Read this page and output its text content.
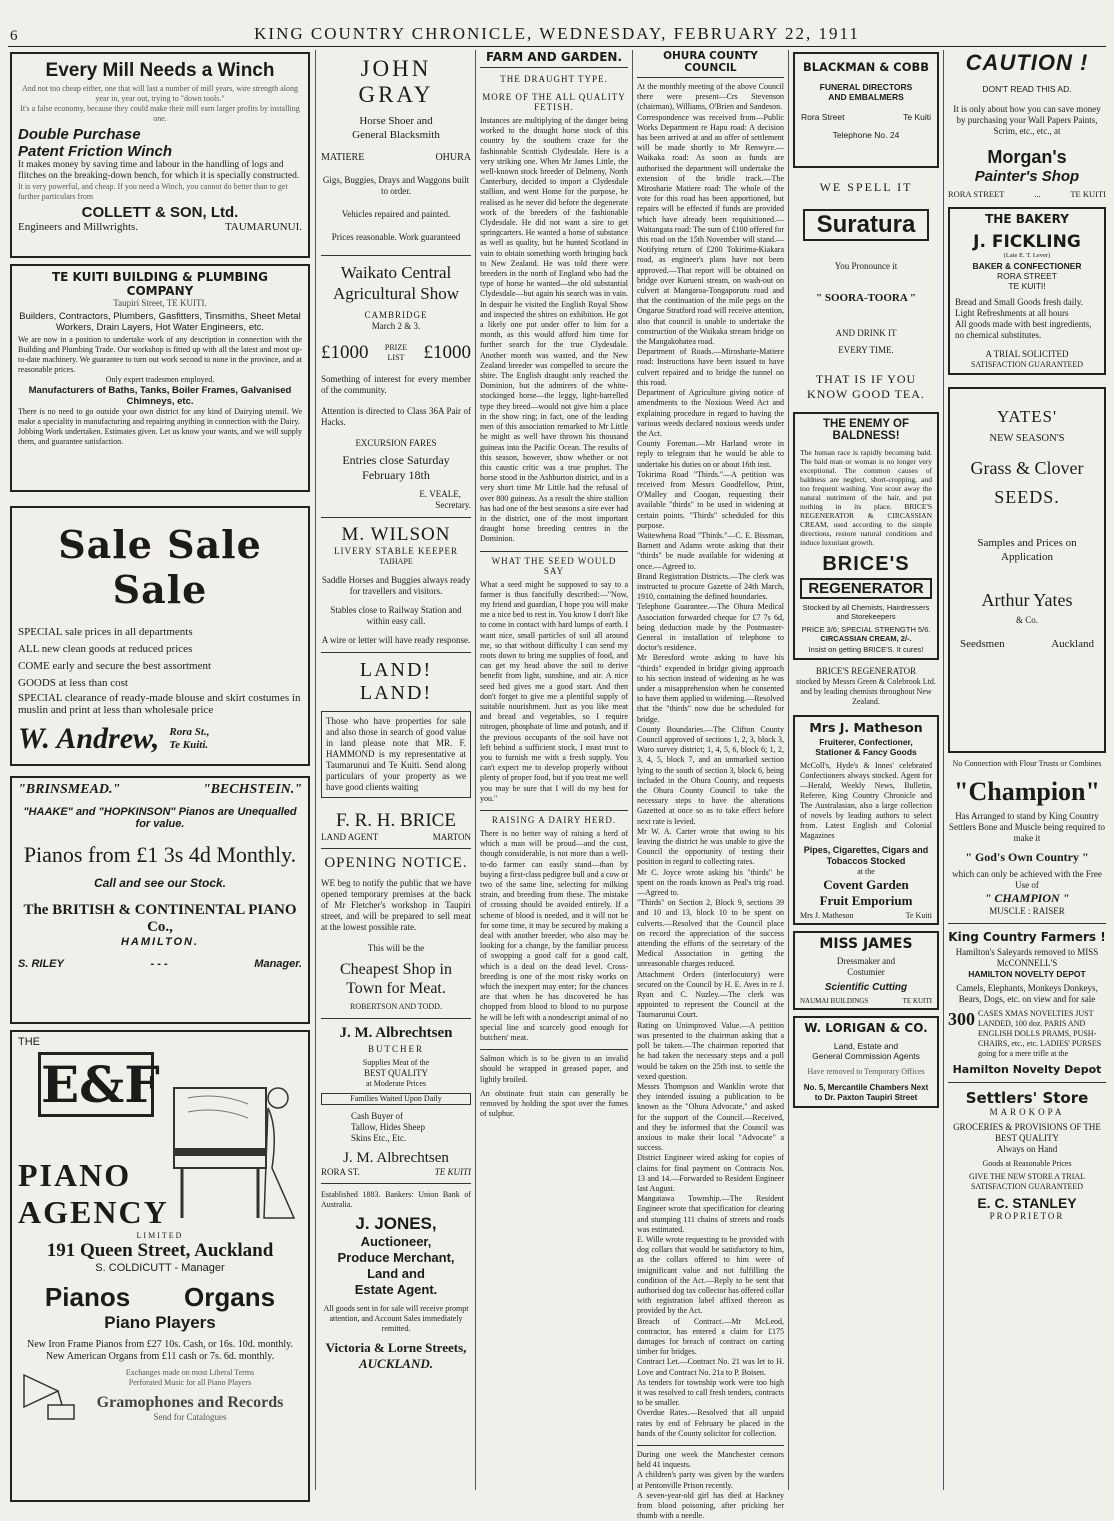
6	KING COUNTRY CHRONICLE, WEDNESDAY, FEBRUARY 22, 1911
Every Mill Needs a Winch
And not too cheap either, one that will last a number of mill years, wire strength along year in, year out, trying to "down tools."
It's a false economy, because they could make their mill earn larger profits by installing one.
Double Purchase
Patent Friction Winch
It makes money by saving time and labour in the handling of logs and flitches on the breaking-down bench, for which it is specially constructed.
It is very powerful, and cheap. If you need a Winch, you cannot do better than to get further particulars from
COLLETT & SON, Ltd.
Engineers and Millwrights.	TAUMARUNUI.
TE KUITI BUILDING & PLUMBING COMPANY
Taupiri Street, TE KUITI.
Builders, Contractors, Plumbers, Gasfitters, Tinsmiths, Sheet Metal Workers, Drain Layers, Hot Water Engineers, etc.
We are now in a position to undertake work of any description in connection with the Building and Plumbing Trade. Our workshop is fitted up with all the latest and most up-to-date machinery. We guarantee to turn out work second to none in the province, and at reasonable prices.
Only expert tradesmen employed.
Manufacturers of Baths, Tanks, Boiler Frames, Galvanised Chimneys, etc.
There is no need to go outside your own district for any kind of Dairying utensil. We make a speciality in manufacturing and repairing anything in connection with the Dairy.
Jobbing Work undertaken. Estimates given. Let us know your wants, and we will supply them, and guarantee satisfaction.
Sale Sale Sale
SPECIAL sale prices in all departments
ALL new clean goods at reduced prices
COME early and secure the best assortment
GOODS at less than cost
SPECIAL clearance of ready-made blouse and skirt costumes in muslin and print at less than wholesale price
W. Andrew, Rora St.,
Te Kuiti.
"BRINSMEAD."	"BECHSTEIN."
"HAAKE" and "HOPKINSON" Pianos are Unequalled for value.
Pianos from £1 3s 4d Monthly.
Call and see our Stock.
The BRITISH & CONTINENTAL PIANO Co.,
HAMILTON.
S. RILEY	- - -	Manager.
THE
E&F
PIANO
AGENCY
LIMITED
191 Queen Street, Auckland
S. COLDICUTT - Manager
Pianos Organs
Piano Players
New Iron Frame Pianos from £27 10s. Cash, or 16s. 10d. monthly. New American Organs from £11 cash or 7s. 6d. monthly.
Exchanges made on most Liberal Terms
Perforated Music for all Piano Players
Gramophones and Records
Send for Catalogues
JOHN GRAY
Horse Shoer and General Blacksmith
MATIERE	OHURA
Gigs, Buggies, Drays and Waggons built to order.
Vehicles repaired and painted.
Prices reasonable. Work guaranteed
Waikato Central Agricultural Show
CAMBRIDGE
March 2 & 3.
£1000	PRIZE LIST	£1000
Something of interest for every member of the community.
Attention is directed to Class 36A Pair of Hacks.
EXCURSION FARES
Entries close Saturday February 18th
E. VEALE,
Secretary.
M. WILSON
LIVERY STABLE KEEPER
TAIHAPE
Saddle Horses and Buggies always ready for travellers and visitors.
Stables close to Railway Station and within easy call.
A wire or letter will have ready response.
LAND! LAND!
Those who have properties for sale and also those in search of good value in land please note that MR. F. HAMMOND is my representative at Taumarunui and Te Kuiti. Send along particulars of your property as we have good clients waiting
F. R. H. BRICE
LAND AGENT	MARTON
OPENING NOTICE.
WE beg to notify the public that we have opened temporary premises at the back of Mr Fletcher's workshop in Taupiri street, and will be prepared to sell meat at the lowest possible rate.
This will be the
Cheapest Shop in Town for Meat.
ROBERTSON AND TODD.
J. M. Albrechtsen
BUTCHER
Supplies Meat of the
BEST QUALITY
at Moderate Prices
Families Waited Upon Daily
Cash Buyer of Tallow, Hides Sheep Skins Etc., Etc.
J. M. Albrechtsen
RORA ST.	TE KUITI
Established 1883. Bankers: Union Bank of Australia.
J. JONES,
Auctioneer,
Produce Merchant,
Land and
Estate Agent.
All goods sent in for sale will receive prompt attention, and Account Sales immediately remitted.
Victoria & Lorne Streets,
AUCKLAND.
FARM AND GARDEN.
THE DRAUGHT TYPE.
MORE OF THE ALL QUALITY FETISH.
Instances are multiplying of the danger being worked to the draught horse stock of this country by the southern craze for the fashionable Scottish Clydesdale. Here is a very striking one. When Mr James Little, the well-known stock breeder of Delmeny, North Canterbury, decided to import a Clydesdale stallion, and went Home for the purpose, he realised as he never did before the degenerate work of the breeders of the fashionable Clydesdale. He did not want a sire to get springcarters. He wanted a horse of substance as well as quality, but he hunted Scotland in vain to obtain something worth bringing back to New Zealand. He was told there were breeders in the north of England who had the type of horse he wanted—the old substantial Clydesdale—but again his search was in vain. In despair he visited the English Royal Show and inspected the shires on exhibition. He got a likely one put under offer to him for a month, as this would afford him time for further search for the true Clydesdale. Another month was wasted, and the New Zealand breeder was compelled to secure the shire. The English draught only reached the Dominion, but the admirers of the white-stockinged horse—the leggy, light-barrelled type they breed—would not give him a place in the show ring; in fact, one of the leading men of this association remarked to Mr Little he might as well have thrown his thousand guineas into the Pacific Ocean. The results of this season, however, show whether or not this caustic critic was a true prophet. The horse stood in the Ashburton district, and in a very short time Mr Little had the refusal of over 800 guineas. As a result the shire stallion has had one of the best seasons a sire ever had in the district, one of the most important draught horse breeding centres in the Dominion.
WHAT THE SEED WOULD SAY
What a seed might be supposed to say to a farmer is thus fancifully described:—"Now, my friend and guardian, I hope you will make me a nice bed to rest in. You know I don't like to come in contact with hard lumps of earth. I want nice, small particles of soil all around me, so that without difficulty I can send my roots down to bring me supplies of food, and can get my head above the soil to derive benefit from light, sunshine, and air. A nice seed bed gives me a good start. And then don't forget to give me a plentiful supply of suitable nourishment. Just as you like meat and bread and vegetables, so I require nitrogen, phosphate of lime and potash, and if the previous occupants of the soil have not left behind a sufficient stock, I must trust to you to furnish me with a fresh supply. You can't expect me to develop properly without plenty of proper food, but if you treat me well you may be sure that I will do my best for you."
RAISING A DAIRY HERD.
There is no better way of raising a herd of which a man will be proud—and the cost, though considerable, is not more than a well-to-do farmer can easily stand—than by buying a first-class pedigree bull and a cow or two of the same line, selecting for milking strain, and breeding from these. The mistake of crossing should be avoided entirely. If a scheme of blood is needed, and it will not be for some time, it may be secured by making a deal with another breeder, who also may be looking for a change, by the familiar process of swopping a good calf for a good calf, which is a deal on the dead level. Cross-breeding is one of the most risky works on which the inexpert may enter; for the chances are that when he has discovered he has chopped from blood to blood to no purpose he will be left with a nondescript animal of no special line and scarcely good enough for butchers' meat.
Salmon which is to be given to an invalid should be wrapped in greased paper, and lightly broiled.
An obstinate fruit stain can generally be removed by holding the spot over the fumes of sulphur.
OHURA COUNTY COUNCIL
At the monthly meeting of the above Council there were present—Crs Stevenson (chairman), Williams, O'Brien and Sandeson.
Correspondence was received from—Public Works Department re Hapu road: A decision has been arrived at and an offer of settlement will be made shortly to Mr Renwyre.—Waikaka road: As soon as funds are authorised the department will undertake the extension of the bridle track.—The Mirosharie Matiere road: The whole of the vote for this road has been apportioned, but repairs will be effected if funds are provided which have already been requisitioned.—Waitangata road: The sum of £100 offered for this road on the 15th November will stand.—Notifying return of £200 Tokirima-Kiakara road, as engineer's plans have not been approved.—That report will be obtained on bridge over Kurueni stream, on wash-out on culvert at Mangaroa-Tongaporutu road and that the continuation of the mile pegs on the Ongarue Stratford road will receive attention, also that council is unable to undertake the construction of the Waikaka stream bridge on the Mangakohatea road.
Department of Roads.—Mirosharie-Matiere road: Instructions have been issued to have culvert repaired and to bridge the tunnel on this road.
Department of Agriculture giving notice of amendments to the Noxious Weed Act and explaining procedure in regard to having the various weeds declared noxious weeds under the Act.
County Foreman.—Mr Harland wrote in reply to telegram that he would be able to undertake his duties on or about 16th inst.
Tokirima Road "Thirds."—A petition was received from Messrs Goodfellow, Print, O'Malley and Coogan, requesting their available "thirds" to be used in widening at certain points. "Thirds" scheduled for this purpose.
Waitewhena Road "Thirds."—C. E. Bissman, Barnett and Adams wrote asking that their "thirds" be made available for widening at once.—Agreed to.
Brand Registration Districts.—The clerk was instructed to procure Gazette of 24th March, 1910, containing the defined boundaries.
Telephone Guarantee.—The Ohura Medical Association forwarded cheque for £7 7s 6d, being deduction made by the Postmaster-General in installation of telephone to doctor's residence.
Mr Beresford wrote asking to have his "thirds" expended in bridge giving approach to his section instead of widening as he was under a misapprehension when he consented to have them applied to widening.—Resolved that the "thirds" now due be scheduled for bridge.
County Boundaries.—The Clifton County Council approved of sections 1, 2, 3, block 3, Waro survey district; 1, 4, 5, 6, block 6; 1, 2, 3, 4, 5, block 7, and an unmarked section lying to the south of section 3, block 6, being included in the Ohura County, and requests the Ohura County Council to take the necessary steps to have the alterations Gazetted at once so as to take effect before next rate is levied.
Mr W. A. Carter wrote that owing to his leaving the district he was unable to give the Council the opportunity of testing their position in regard to collecting rates.
Mr C. Joyce wrote asking his "thirds" be spent on the roads known as Peal's trig road.—Agreed to.
"Thirds" on Section 2, Block 9, sections 39 and 10 and 13, block 10 to be spent on culverts.—Resolved that the Council place on record the appreciation of the success attending the efforts of the secretary of the Medical Association in getting the unreasonable charges reduced.
Attachment Orders (interlocutory) were secured on the Council by H. E. Aves in re J. Ryan and C. Nuzley.—The clerk was appointed to represent the Council at the Taumarunui Court.
Rating on Unimproved Value.—A petition was presented to the chairman asking that a poll be taken.—The chairman reported that he had taken the necessary steps and a poll would be taken on the 25th inst. to settle the vexed question.
Messrs Thompson and Wanklin wrote that they intended issuing a publication to be known as the "Ohura Advocate," and asked for the support of the Council.—Received, and they be informed that the Council was anxious to make their local "Advocate" a success.
District Engineer wired asking for copies of claims for final payment on Contracts Nos. 13 and 14.—Forwarded to Resident Engineer last August.
Mangatawa Township.—The Resident Engineer wrote that specification for clearing and stumping 111 chains of streets and roads was estimated.
E. Wille wrote requesting to be provided with dog collars that would be satisfactory to him, as the collars offered to him were of insignificant value and not fulfilling the condition of the Act.—Reply to be sent that authorised dog tax collector has offered collar with registration label affixed thereon as provided by the Act.
Breach of Contract.—Mr McLeod, contractor, has entered a claim for £175 damages for breach of contract on carting timber for bridges.
Contract Let.—Contract No. 21 was let to H. Love and Contract No. 21a to P. Boisen.
As tenders for township work were too high it was resolved to call fresh tenders, contracts to be smaller.
Overdue Rates.—Resolved that all unpaid rates by end of February be placed in the hands of the County solicitor for collection.
During one week the Manchester censors held 41 inquests.
A children's party was given by the warders at Pentonville Prison recently.
A seven-year-old girl has died at Hackney from blood poisoning, after pricking her thumb with a needle.
BLACKMAN & COBB
FUNERAL DIRECTORS
AND EMBALMERS
Rora Street	Te Kuiti
Telephone No. 24
WE SPELL IT
Suratura
You Pronounce it
" SOORA-TOORA "
AND DRINK IT
EVERY TIME.
THAT IS IF YOU
KNOW GOOD TEA.
THE ENEMY OF
BALDNESS!
The human race is rapidly becoming bald. The bald man or woman is no longer very exceptional. The common causes of baldness are neglect, short-cropping, and too frequent washing. You scour away the natural nutriment of the hair, and put nothing in its place. BRICE'S REGENERATOR & CIRCASSIAN CREAM, used according to the simple directions, restore natural conditions and induce luxuriant growth.
BRICE'S
REGENERATOR
Stocked by all Chemists, Hairdressers and Storekeepers
PRICE 3/6; SPECIAL STRENGTH 5/6.
CIRCASSIAN CREAM, 2/-.
Insist on getting BRICE'S. It cures!
BRICE'S REGENERATOR
stocked by Messrs Green & Colebrook Ltd. and by leading chemists throughout New Zealand.
Mrs J. Matheson
Fruiterer, Confectioner, Stationer & Fancy Goods
McColl's, Hyde's & Innes' celebrated Confectioners always stocked. Agent for—Herald, Weekly News, Bulletin, Referee, King Country Chronicle and The Australasian, also a large collection of novels by leading authors to select from. Latest English and Colonial Magazines
Pipes, Cigarettes, Cigars and Tobaccos Stocked
at the
Covent Garden
Fruit Emporium
Mrs J. Matheson	Te Kuiti
MISS JAMES
Dressmaker and
Costumier
Scientific Cutting
NAUMAI BUILDINGS	TE KUITI
W. LORIGAN & CO.
Land, Estate and
General Commission Agents
Have removed to Temporary Offices
No. 5, Mercantile Chambers Next to Dr. Paxton Taupiri Street
CAUTION !
DON'T READ THIS AD.
It is only about how you can save money by purchasing your Wall Papers Paints, Scrim, etc., etc., at
Morgan's
Painter's Shop
RORA STREET	...	TE KUITI
THE BAKERY
J. FICKLING
(Late E. T. Lever)
BAKER & CONFECTIONER
RORA STREET
TE KUITI!
Bread and Small Goods fresh daily.
Light Refreshments at all hours
All goods made with best ingredients, no chemical substitutes.
A TRIAL SOLICITED
SATISFACTION GUARANTEED
YATES'
NEW SEASON'S
Grass & Clover
SEEDS.
Samples and Prices on Application
Arthur Yates
& Co.
Seedsmen	Auckland
No Connection with Flour Trusts or Combines
"Champion"
Has Arranged to stand by King Country Settlers Bone and Muscle being required to make it
" God's Own Country "
which can only be achieved with the Free Use of
" CHAMPION "
MUSCLE : RAISER
King Country Farmers !
Hamilton's Saleyards removed to MISS McCONNELL'S
HAMILTON NOVELTY DEPOT
Camels, Elephants, Monkeys Donkeys, Bears, Dogs, etc. on view and for sale
300 CASES XMAS NOVELTIES JUST LANDED, 100 doz. PARIS AND ENGLISH DOLLS PRAMS, PUSH-CHAIRS, etc., etc. LADIES' PURSES going for a mere trifle at the
Hamilton Novelty Depot
Settlers' Store
MAROKOPA
GROCERIES & PROVISIONS OF THE BEST QUALITY
Always on Hand
Goods at Reasonable Prices
GIVE THE NEW STORE A TRIAL SATISFACTION GUARANTEED
E. C. STANLEY
PROPRIETOR
